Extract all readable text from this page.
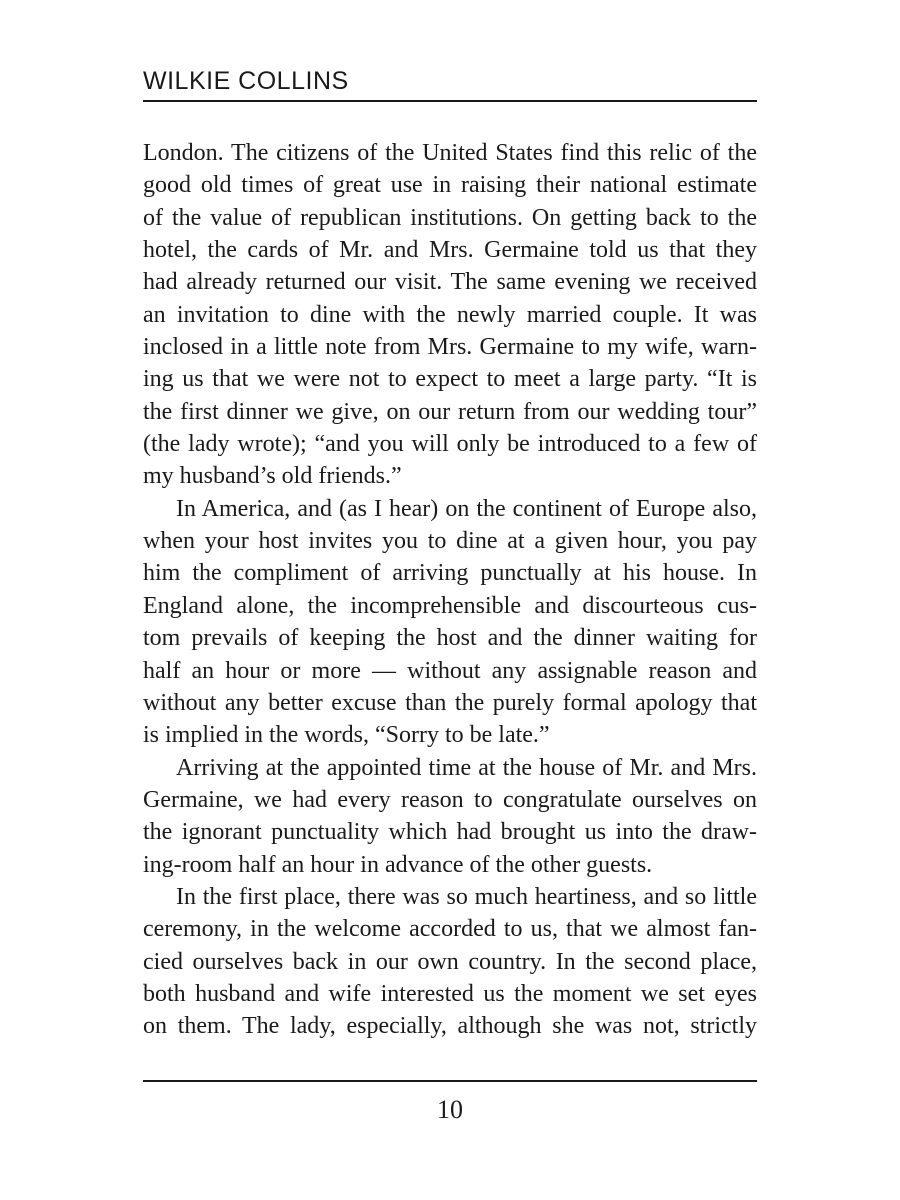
WILKIE COLLINS
London. The citizens of the United States find this relic of the
good old times of great use in raising their national estimate
of the value of republican institutions. On getting back to the
hotel, the cards of Mr. and Mrs. Germaine told us that they
had already returned our visit. The same evening we received
an invitation to dine with the newly married couple. It was
inclosed in a little note from Mrs. Germaine to my wife, warn-
ing us that we were not to expect to meet a large party. “It is
the first dinner we give, on our return from our wedding tour”
(the lady wrote); “and you will only be introduced to a few of
my husband’s old friends.”
In America, and (as I hear) on the continent of Europe also,
when your host invites you to dine at a given hour, you pay
him the compliment of arriving punctually at his house. In
England alone, the incomprehensible and discourteous cus-
tom prevails of keeping the host and the dinner waiting for
half an hour or more — without any assignable reason and
without any better excuse than the purely formal apology that
is implied in the words, “Sorry to be late.”
Arriving at the appointed time at the house of Mr. and Mrs.
Germaine, we had every reason to congratulate ourselves on
the ignorant punctuality which had brought us into the draw-
ing-room half an hour in advance of the other guests.
In the first place, there was so much heartiness, and so little
ceremony, in the welcome accorded to us, that we almost fan-
cied ourselves back in our own country. In the second place,
both husband and wife interested us the moment we set eyes
on them. The lady, especially, although she was not, strictly
10
